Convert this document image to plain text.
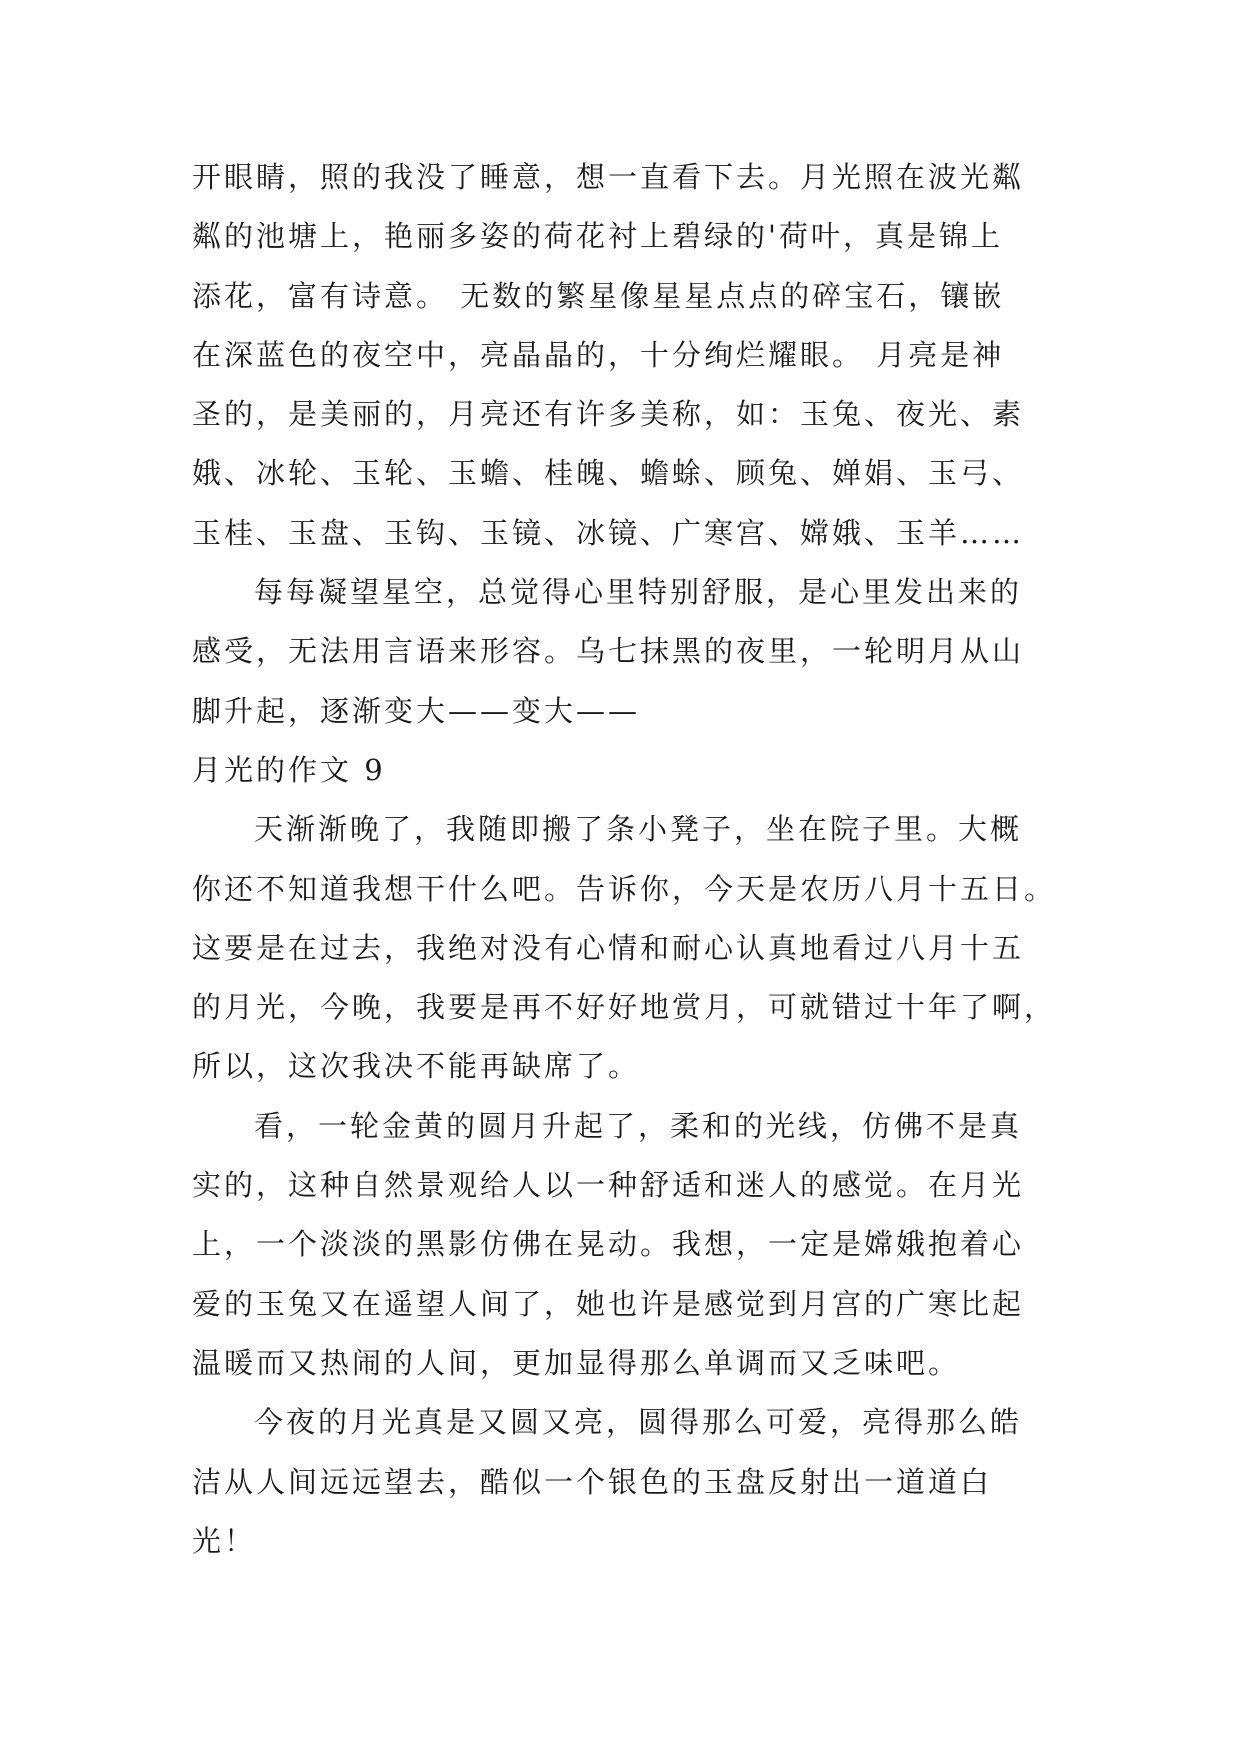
开眼睛，照的我没了睡意，想一直看下去。月光照在波光粼
粼的池塘上，艳丽多姿的荷花衬上碧绿的'荷叶，真是锦上
添花，富有诗意。 无数的繁星像星星点点的碎宝石，镶嵌
在深蓝色的夜空中，亮晶晶的，十分绚烂耀眼。 月亮是神
圣的，是美丽的，月亮还有许多美称，如：玉兔、夜光、素
娥、冰轮、玉轮、玉蟾、桂魄、蟾蜍、顾兔、婵娟、玉弓、
玉桂、玉盘、玉钩、玉镜、冰镜、广寒宫、嫦娥、玉羊……
每每凝望星空，总觉得心里特别舒服，是心里发出来的
感受，无法用言语来形容。乌七抹黑的夜里，一轮明月从山
脚升起，逐渐变大——变大——
月光的作文 9
天渐渐晚了，我随即搬了条小凳子，坐在院子里。大概
你还不知道我想干什么吧。告诉你，今天是农历八月十五日。
这要是在过去，我绝对没有心情和耐心认真地看过八月十五
的月光，今晚，我要是再不好好地赏月，可就错过十年了啊，
所以，这次我决不能再缺席了。
看，一轮金黄的圆月升起了，柔和的光线，仿佛不是真
实的，这种自然景观给人以一种舒适和迷人的感觉。在月光
上，一个淡淡的黑影仿佛在晃动。我想，一定是嫦娥抱着心
爱的玉兔又在遥望人间了，她也许是感觉到月宫的广寒比起
温暖而又热闹的人间，更加显得那么单调而又乏味吧。
今夜的月光真是又圆又亮，圆得那么可爱，亮得那么皓
洁从人间远远望去，酷似一个银色的玉盘反射出一道道白
光！
